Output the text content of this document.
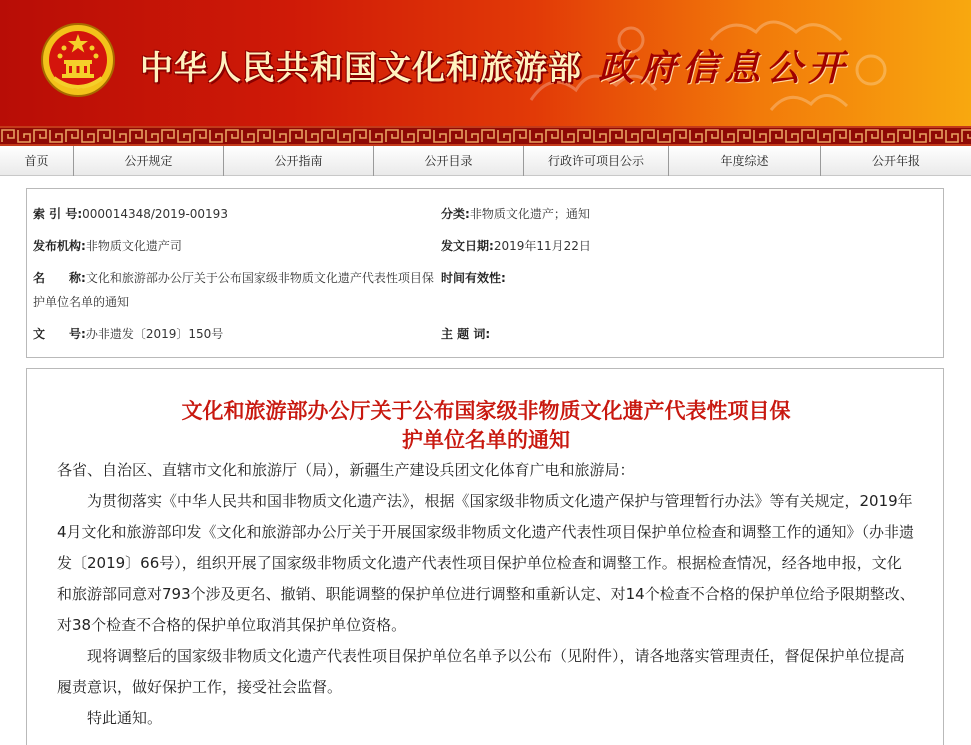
中华人民共和国文化和旅游部 政府信息公开
首页	公开规定	公开指南	公开目录	行政许可项目公示	年度综述	公开年报
索 引 号:000014348/2019-00193	分类:非物质文化遗产；通知
发布机构:非物质文化遗产司	发文日期:2019年11月22日
名 称:文化和旅游部办公厅关于公布国家级非物质文化遗产代表性项目保
护单位名单的通知
时间有效性:
文 号:办非遗发〔2019〕150号	主 题 词:
文化和旅游部办公厅关于公布国家级非物质文化遗产代表性项目保
护单位名单的通知

各省、自治区、直辖市文化和旅游厅（局），新疆生产建设兵团文化体育广电和旅游局：

为贯彻落实《中华人民共和国非物质文化遗产法》，根据《国家级非物质文化遗产保护与管理暂行办法》等有关规定，2019年4月文化和旅游部印发《文化和旅游部办公厅关于开展国家级非物质文化遗产代表性项目保护单位检查和调整工作的通知》（办非遗发〔2019〕66号），组织开展了国家级非物质文化遗产代表性项目保护单位检查和调整工作。根据检查情况，经各地申报，文化和旅游部同意对793个涉及更名、撤销、职能调整的保护单位进行调整和重新认定、对14个检查不合格的保护单位给予限期整改、对38个检查不合格的保护单位取消其保护单位资格。

现将调整后的国家级非物质文化遗产代表性项目保护单位名单予以公布（见附件），请各地落实管理责任，督促保护单位提高履责意识，做好保护工作，接受社会监督。

特此通知。
